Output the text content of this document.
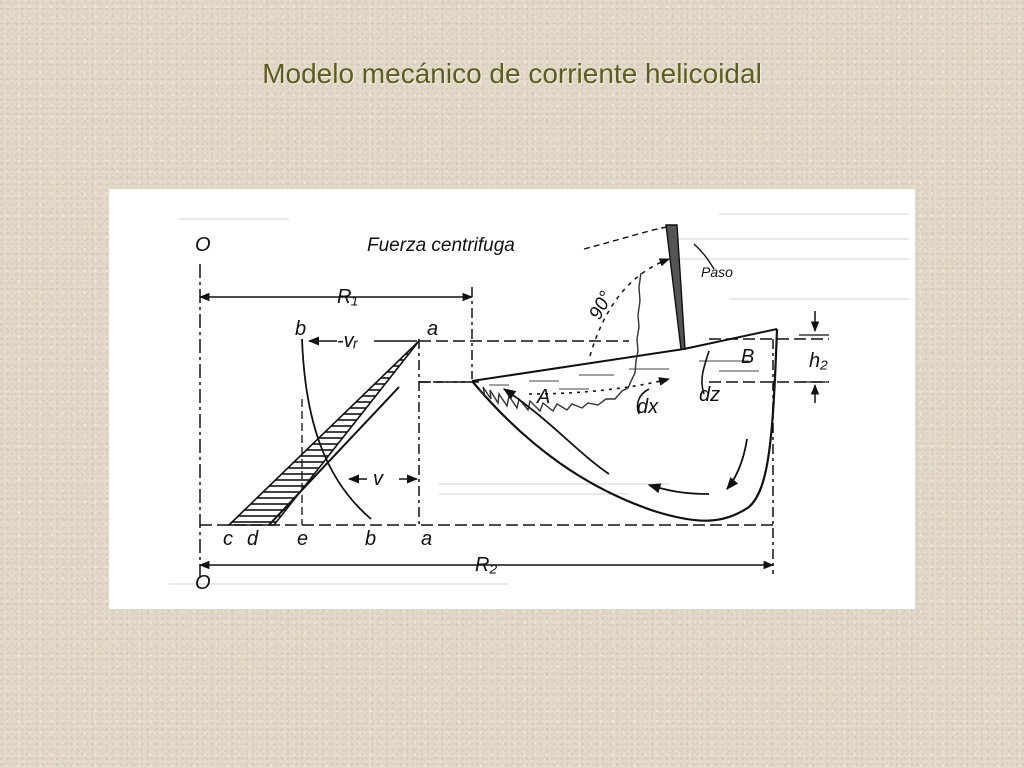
Modelo mecánico de corriente helicoidal
Fuerza centrifuga
Paso
90°
O
O
R₁
R₂
-vᵣ
v
b	a
c d e	b a
A
B
dx
dz
h₂
